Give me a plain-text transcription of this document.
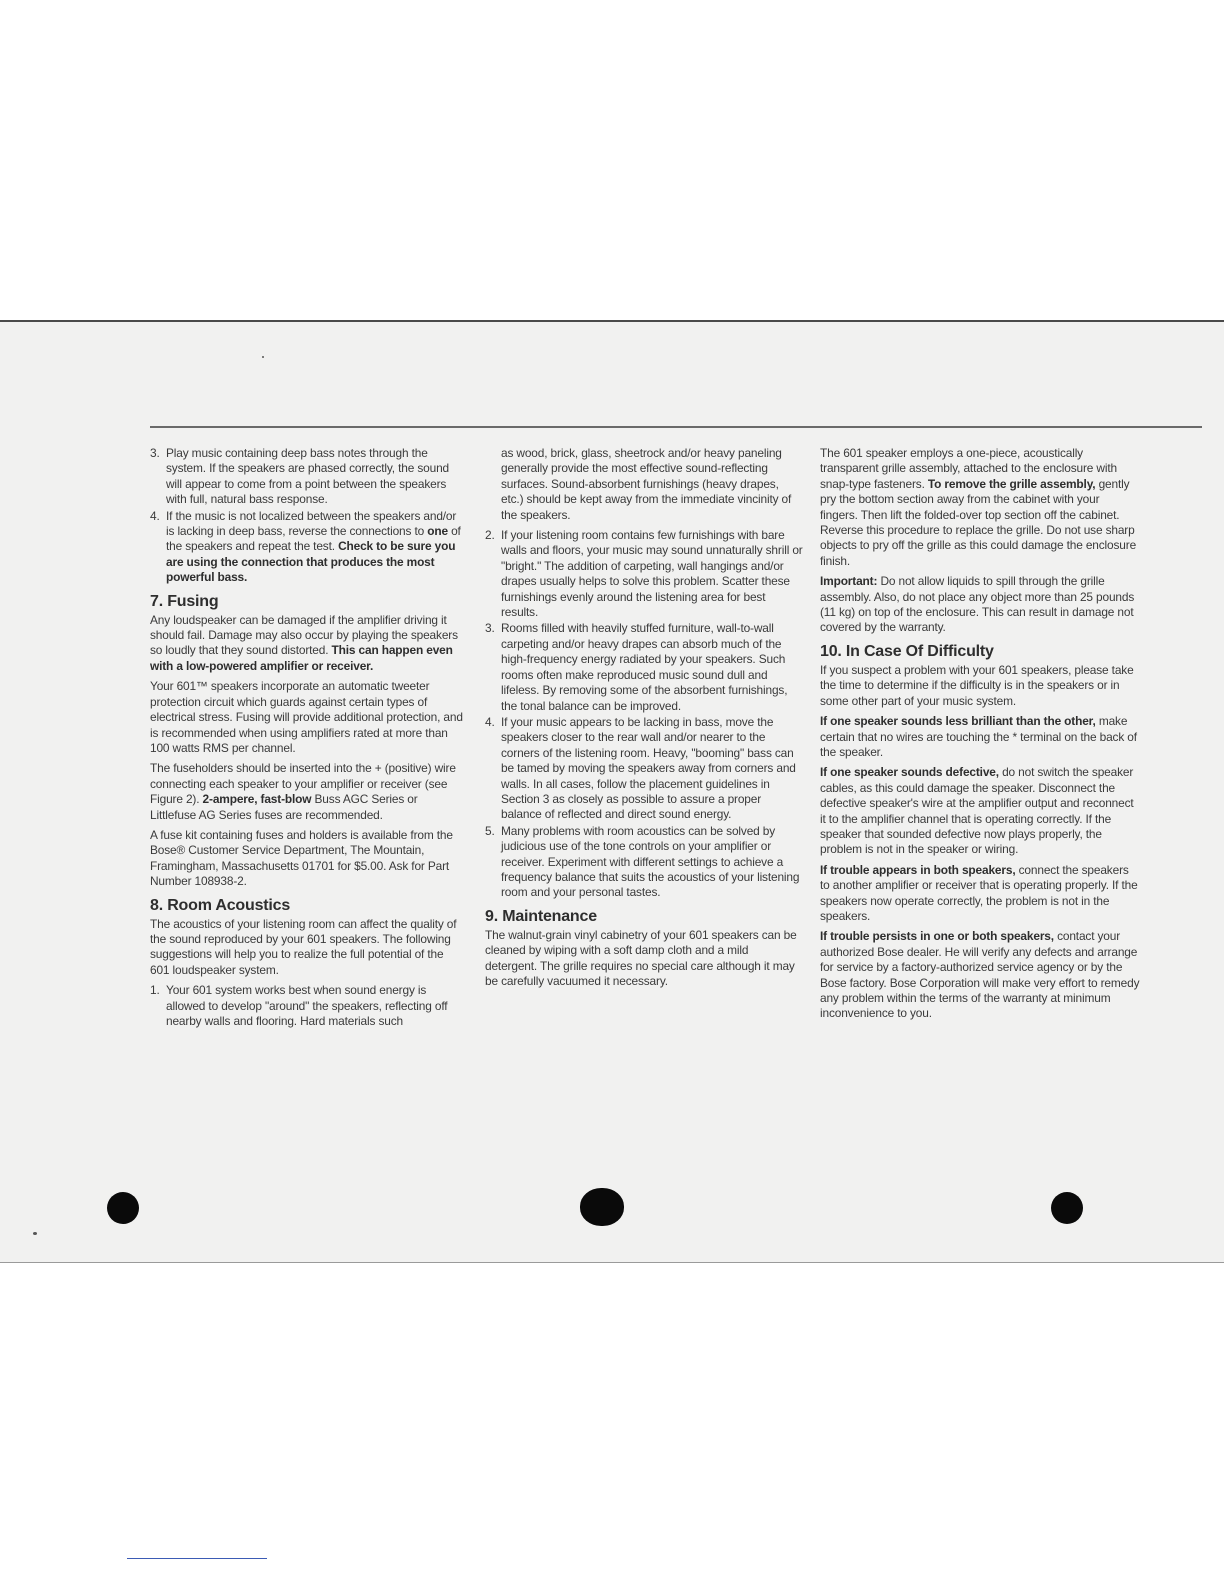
3. Play music containing deep bass notes through the system. If the speakers are phased correctly, the sound will appear to come from a point between the speakers with full, natural bass response.
4. If the music is not localized between the speakers and/or is lacking in deep bass, reverse the connections to one of the speakers and repeat the test. Check to be sure you are using the connection that produces the most powerful bass.
7. Fusing

Any loudspeaker can be damaged if the amplifier driving it should fail. Damage may also occur by playing the speakers so loudly that they sound distorted. This can happen even with a low-powered amplifier or receiver.

Your 601™ speakers incorporate an automatic tweeter protection circuit which guards against certain types of electrical stress. Fusing will provide additional protection, and is recommended when using amplifiers rated at more than 100 watts RMS per channel.

The fuseholders should be inserted into the + (positive) wire connecting each speaker to your amplifier or receiver (see Figure 2). 2-ampere, fast-blow Buss AGC Series or Littlefuse AG Series fuses are recommended.

A fuse kit containing fuses and holders is available from the Bose® Customer Service Department, The Mountain, Framingham, Massachusetts 01701 for $5.00. Ask for Part Number 108938-2.

8. Room Acoustics

The acoustics of your listening room can affect the quality of the sound reproduced by your 601 speakers. The following suggestions will help you to realize the full potential of the 601 loudspeaker system.

1. Your 601 system works best when sound energy is allowed to develop "around" the speakers, reflecting off nearby walls and flooring. Hard materials such

as wood, brick, glass, sheetrock and/or heavy paneling generally provide the most effective sound-reflecting surfaces. Sound-absorbent furnishings (heavy drapes, etc.) should be kept away from the immediate vincinity of the speakers.

2. If your listening room contains few furnishings with bare walls and floors, your music may sound unnaturally shrill or "bright." The addition of carpeting, wall hangings and/or drapes usually helps to solve this problem. Scatter these furnishings evenly around the listening area for best results.
3. Rooms filled with heavily stuffed furniture, wall-to-wall carpeting and/or heavy drapes can absorb much of the high-frequency energy radiated by your speakers. Such rooms often make reproduced music sound dull and lifeless. By removing some of the absorbent furnishings, the tonal balance can be improved.
4. If your music appears to be lacking in bass, move the speakers closer to the rear wall and/or nearer to the corners of the listening room. Heavy, "booming" bass can be tamed by moving the speakers away from corners and walls. In all cases, follow the placement guidelines in Section 3 as closely as possible to assure a proper balance of reflected and direct sound energy.
5. Many problems with room acoustics can be solved by judicious use of the tone controls on your amplifier or receiver. Experiment with different settings to achieve a frequency balance that suits the acoustics of your listening room and your personal tastes.
9. Maintenance

The walnut-grain vinyl cabinetry of your 601 speakers can be cleaned by wiping with a soft damp cloth and a mild detergent. The grille requires no special care although it may be carefully vacuumed it necessary.

The 601 speaker employs a one-piece, acoustically transparent grille assembly, attached to the enclosure with snap-type fasteners. To remove the grille assembly, gently pry the bottom section away from the cabinet with your fingers. Then lift the folded-over top section off the cabinet. Reverse this procedure to replace the grille. Do not use sharp objects to pry off the grille as this could damage the enclosure finish.

Important: Do not allow liquids to spill through the grille assembly. Also, do not place any object more than 25 pounds (11 kg) on top of the enclosure. This can result in damage not covered by the warranty.

10. In Case Of Difficulty

If you suspect a problem with your 601 speakers, please take the time to determine if the difficulty is in the speakers or in some other part of your music system.

If one speaker sounds less brilliant than the other, make certain that no wires are touching the * terminal on the back of the speaker.

If one speaker sounds defective, do not switch the speaker cables, as this could damage the speaker. Disconnect the defective speaker's wire at the amplifier output and reconnect it to the amplifier channel that is operating correctly. If the speaker that sounded defective now plays properly, the problem is not in the speaker or wiring.

If trouble appears in both speakers, connect the speakers to another amplifier or receiver that is operating properly. If the speakers now operate correctly, the problem is not in the speakers.

If trouble persists in one or both speakers, contact your authorized Bose dealer. He will verify any defects and arrange for service by a factory-authorized service agency or by the Bose factory. Bose Corporation will make very effort to remedy any problem within the terms of the warranty at minimum inconvenience to you.
